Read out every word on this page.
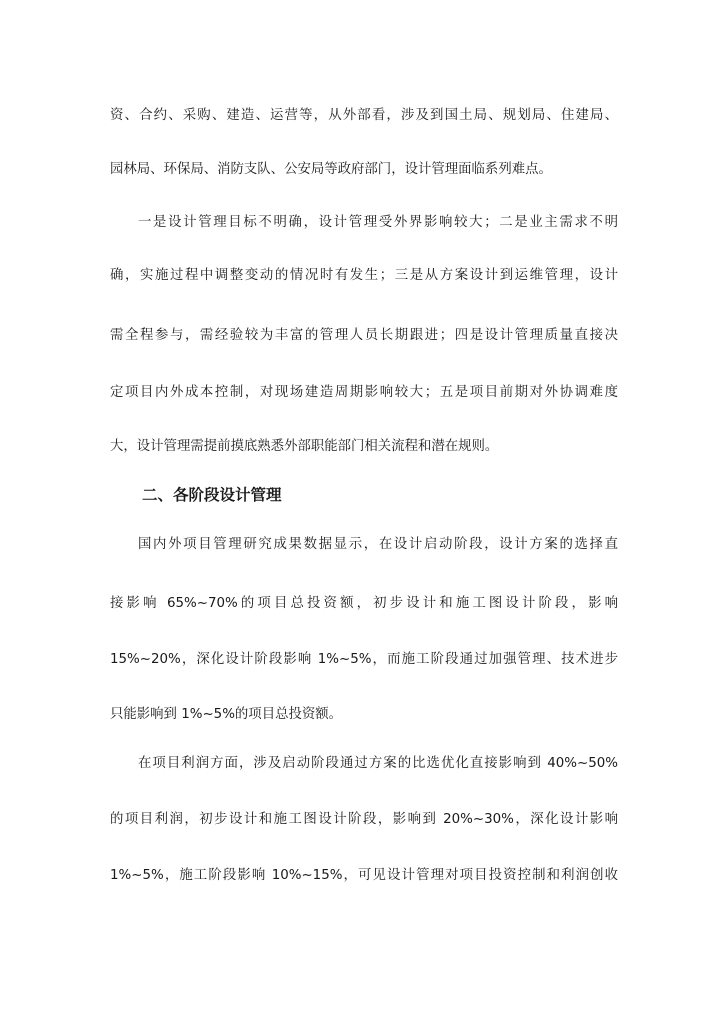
资、合约、采购、建造、运营等，从外部看，涉及到国土局、规划局、住建局、
园林局、环保局、消防支队、公安局等政府部门，设计管理面临系列难点。
一是设计管理目标不明确，设计管理受外界影响较大；二是业主需求不明
确，实施过程中调整变动的情况时有发生；三是从方案设计到运维管理，设计
需全程参与，需经验较为丰富的管理人员长期跟进；四是设计管理质量直接决
定项目内外成本控制，对现场建造周期影响较大；五是项目前期对外协调难度
大，设计管理需提前摸底熟悉外部职能部门相关流程和潜在规则。
二、各阶段设计管理
国内外项目管理研究成果数据显示，在设计启动阶段，设计方案的选择直
接影响 65%~70%的项目总投资额，初步设计和施工图设计阶段，影响
15%~20%，深化设计阶段影响 1%~5%，而施工阶段通过加强管理、技术进步
只能影响到 1%~5%的项目总投资额。
在项目利润方面，涉及启动阶段通过方案的比选优化直接影响到 40%~50%
的项目利润，初步设计和施工图设计阶段，影响到 20%~30%，深化设计影响
1%~5%，施工阶段影响 10%~15%，可见设计管理对项目投资控制和利润创收
